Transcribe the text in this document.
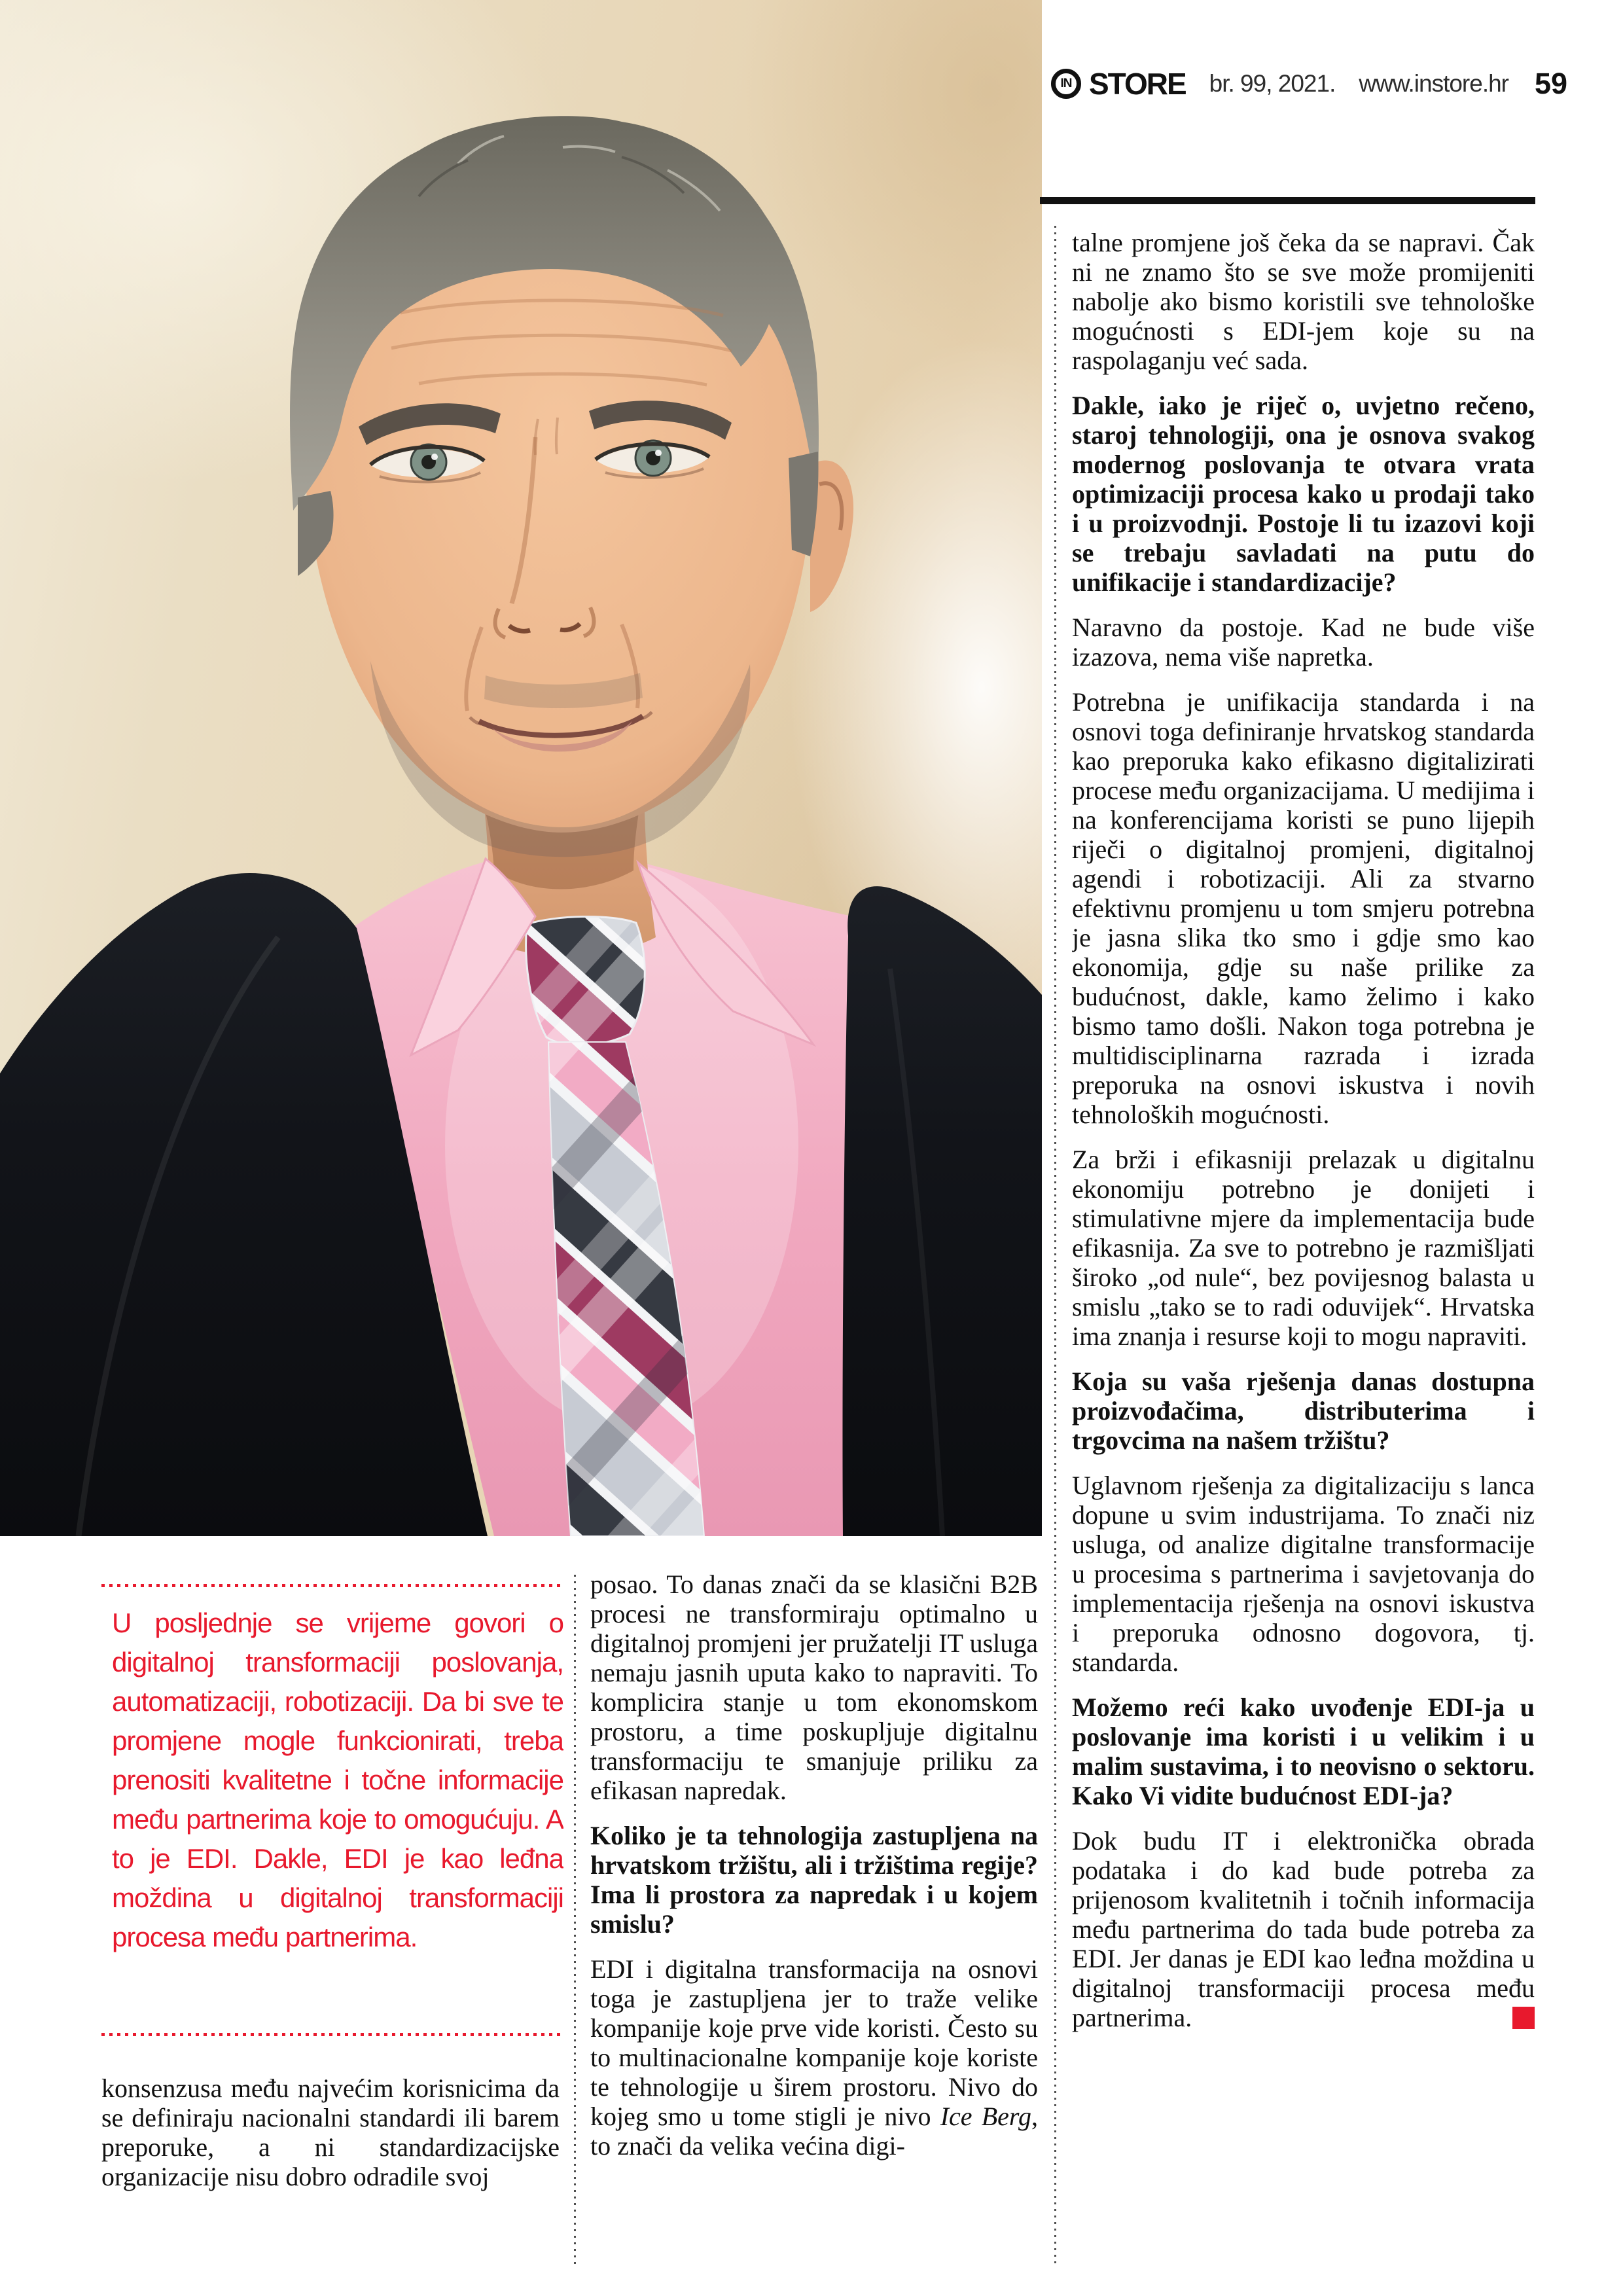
IN STORE br. 99, 2021. www.instore.hr 59
U posljednje se vrijeme govori o digitalnoj transformaciji poslovanja, automatizaciji, robotizaciji. Da bi sve te promjene mogle funkcionirati, treba prenositi kvalitetne i točne informacije među partnerima koje to omogućuju. A to je EDI. Dakle, EDI je kao leđna moždina u digitalnoj transformaciji procesa među partnerima.

konsenzusa među najvećim korisnicima da se definiraju nacionalni standardi ili barem preporuke, a ni standardizacijske organizacije nisu dobro odradile svoj

posao. To danas znači da se klasični B2B procesi ne transformiraju optimalno u digitalnoj promjeni jer pružatelji IT usluga nemaju jasnih uputa kako to napraviti. To komplicira stanje u tom ekonomskom prostoru, a time poskupljuje digitalnu transformaciju te smanjuje priliku za efikasan napredak.

Koliko je ta tehnologija zastupljena na hrvatskom tržištu, ali i tržištima regije? Ima li prostora za napredak i u kojem smislu?

EDI i digitalna transformacija na osnovi toga je zastupljena jer to traže velike kompanije koje prve vide koristi. Često su to multinacionalne kompanije koje koriste te tehnologije u širem prostoru. Nivo do kojeg smo u tome stigli je nivo Ice Berg, to znači da velika većina digi-

talne promjene još čeka da se napravi. Čak ni ne znamo što se sve može promijeniti nabolje ako bismo koristili sve tehnološke mogućnosti s EDI-jem koje su na raspolaganju već sada.

Dakle, iako je riječ o, uvjetno rečeno, staroj tehnologiji, ona je osnova svakog modernog poslovanja te otvara vrata optimizaciji procesa kako u prodaji tako i u proizvodnji. Postoje li tu izazovi koji se trebaju savladati na putu do unifikacije i standardizacije?

Naravno da postoje. Kad ne bude više izazova, nema više napretka.

Potrebna je unifikacija standarda i na osnovi toga definiranje hrvatskog standarda kao preporuka kako efikasno digitalizirati procese među organizacijama. U medijima i na konferencijama koristi se puno lijepih riječi o digitalnoj promjeni, digitalnoj agendi i robotizaciji. Ali za stvarno efektivnu promjenu u tom smjeru potrebna je jasna slika tko smo i gdje smo kao ekonomija, gdje su naše prilike za budućnost, dakle, kamo želimo i kako bismo tamo došli. Nakon toga potrebna je multidisciplinarna razrada i izrada preporuka na osnovi iskustva i novih tehnoloških mogućnosti.

Za brži i efikasniji prelazak u digitalnu ekonomiju potrebno je donijeti i stimulativne mjere da implementacija bude efikasnija. Za sve to potrebno je razmišljati široko „od nule“, bez povijesnog balasta u smislu „tako se to radi oduvijek“. Hrvatska ima znanja i resurse koji to mogu napraviti.

Koja su vaša rješenja danas dostupna proizvođačima, distributerima i trgovcima na našem tržištu?

Uglavnom rješenja za digitalizaciju s lanca dopune u svim industrijama. To znači niz usluga, od analize digitalne transformacije u procesima s partnerima i savjetovanja do implementacija rješenja na osnovi iskustva i preporuka odnosno dogovora, tj. standarda.

Možemo reći kako uvođenje EDI-ja u poslovanje ima koristi i u velikim i u malim sustavima, i to neovisno o sektoru. Kako Vi vidite budućnost EDI-ja?

Dok budu IT i elektronička obrada podataka i do kad bude potreba za prijenosom kvalitetnih i točnih informacija među partnerima do tada bude potreba za EDI. Jer danas je EDI kao leđna moždina u digitalnoj transformaciji procesa među partnerima.
